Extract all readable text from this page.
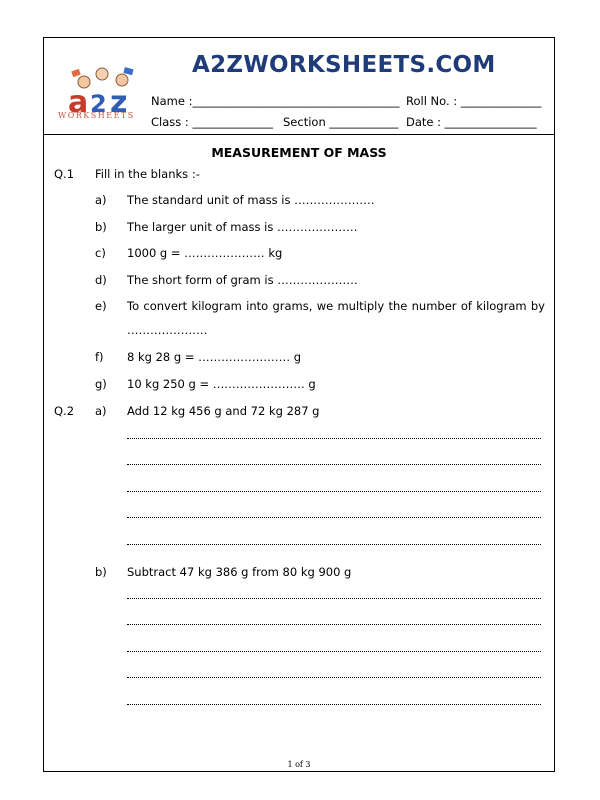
A2ZWORKSHEETS.COM
a 2 z
WORKSHEETS
Name :____________________________________ Roll No. : ______________
Class : ______________ Section ____________ Date : ________________
MEASUREMENT OF MASS
Q.1 Fill in the blanks :-
a) The standard unit of mass is …………………
b) The larger unit of mass is …………………
c) 1000 g = ………………… kg
d) The short form of gram is …………………
e) To convert kilogram into grams, we multiply the number of kilogram by
…………………
f) 8 kg 28 g = …………………… g
g) 10 kg 250 g = …………………… g
Q.2 a) Add 12 kg 456 g and 72 kg 287 g
b) Subtract 47 kg 386 g from 80 kg 900 g
1 of 3
